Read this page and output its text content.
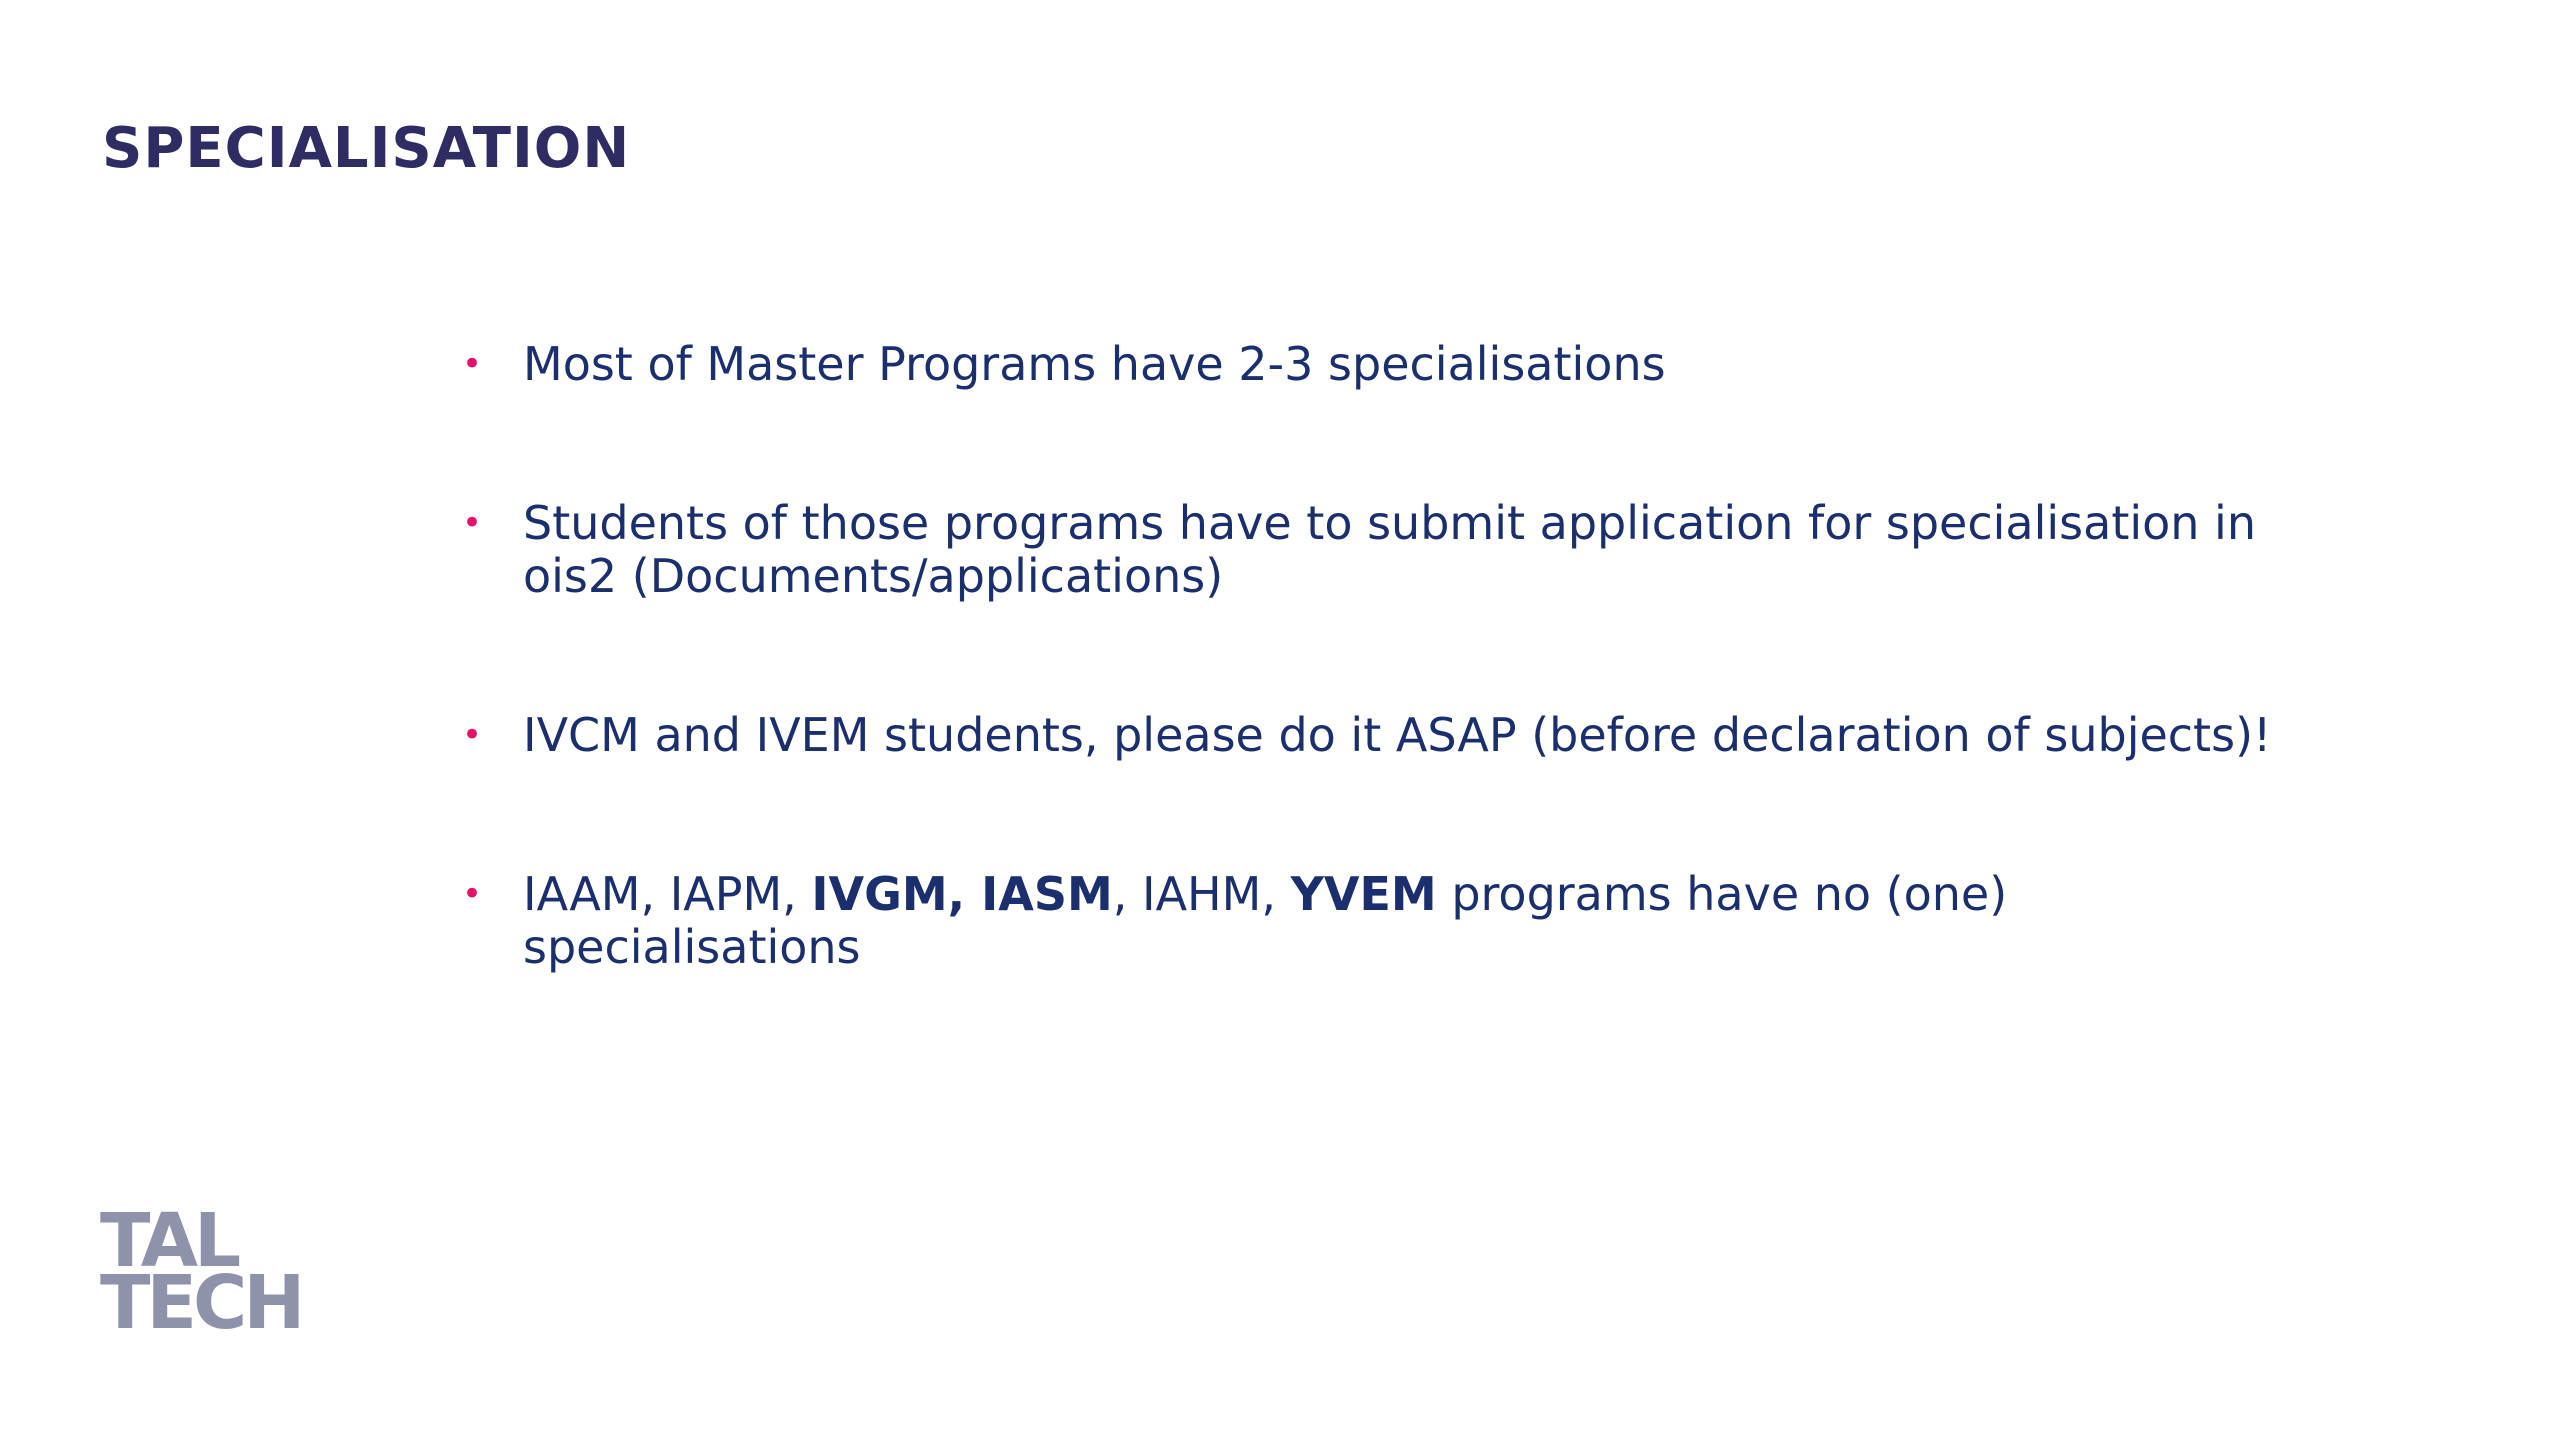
SPECIALISATION
• Most of Master Programs have 2-3 specialisations
• Students of those programs have to submit application for specialisation in ois2 (Documents/applications)
• IVCM and IVEM students, please do it ASAP (before declaration of subjects)!
• IAAM, IAPM, IVGM, IASM, IAHM, YVEM programs have no (one) specialisations
TAL
TECH
